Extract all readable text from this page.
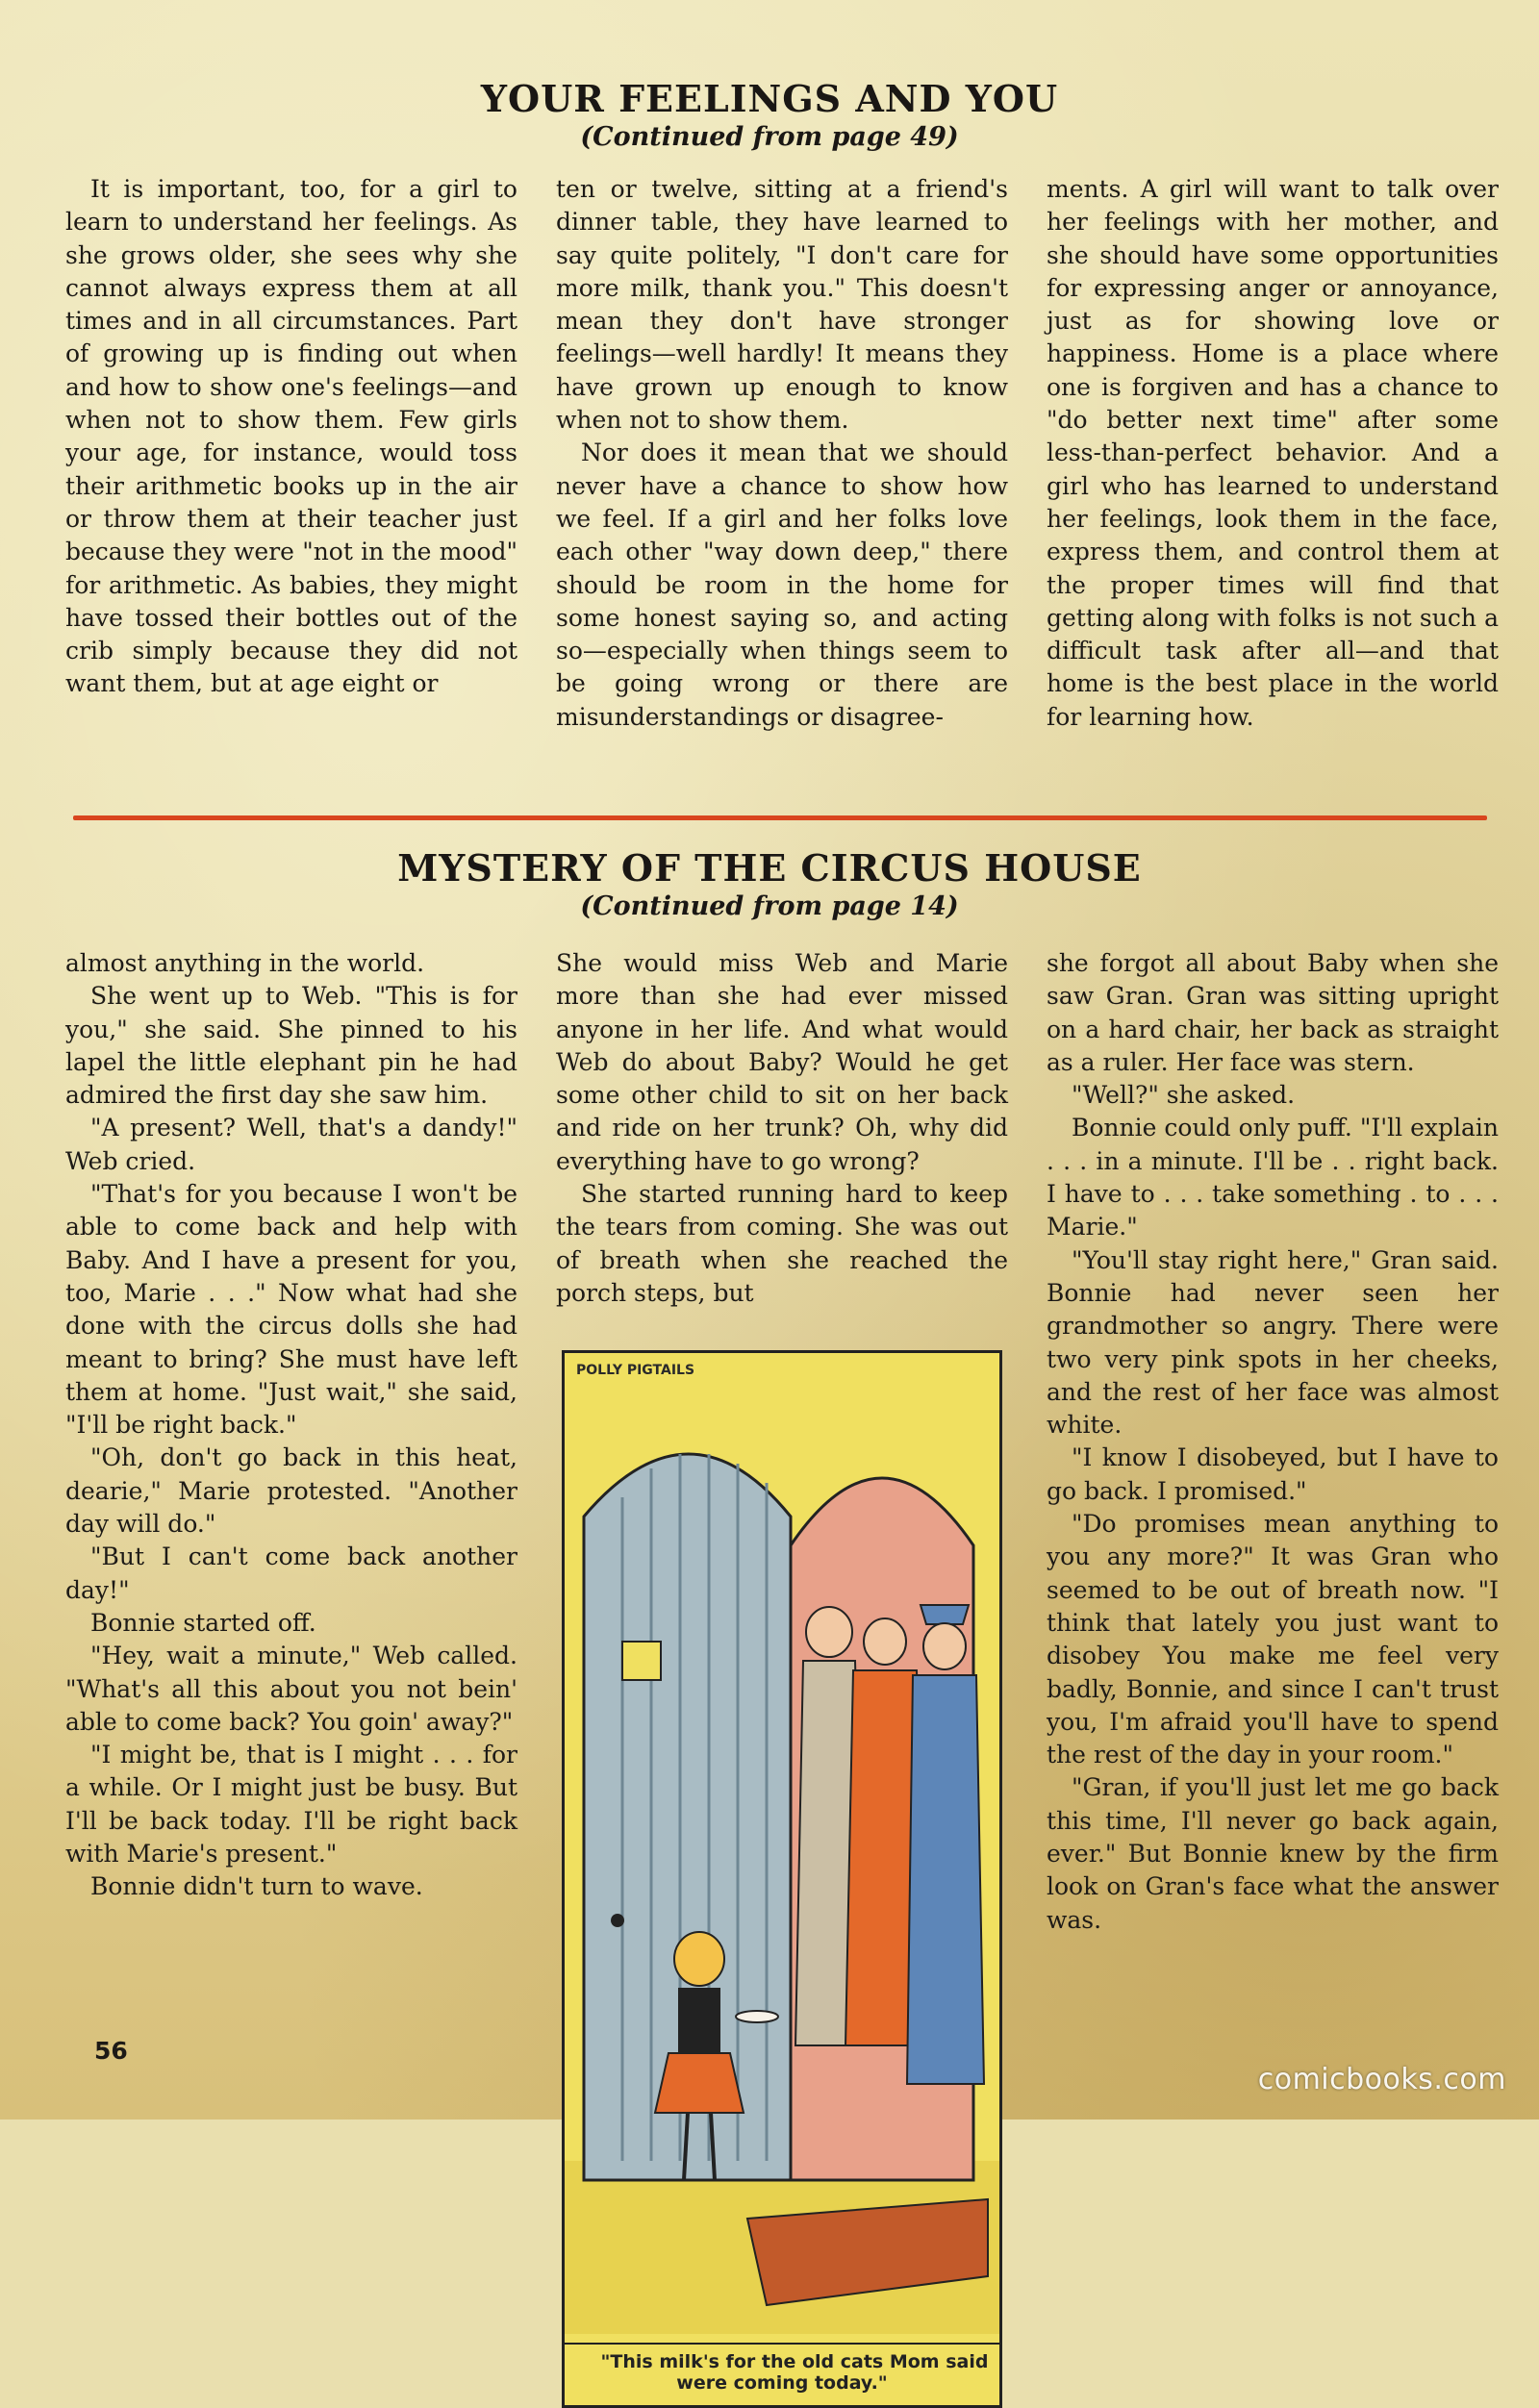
YOUR FEELINGS AND YOU

(Continued from page 49)

It is important, too, for a girl to learn to understand her feelings. As she grows older, she sees why she cannot always express them at all times and in all circumstances. Part of growing up is finding out when and how to show one's feelings—and when not to show them. Few girls your age, for instance, would toss their arithmetic books up in the air or throw them at their teacher just because they were "not in the mood" for arithmetic. As babies, they might have tossed their bottles out of the crib simply because they did not want them, but at age eight or

ten or twelve, sitting at a friend's dinner table, they have learned to say quite politely, "I don't care for more milk, thank you." This doesn't mean they don't have stronger feelings—well hardly! It means they have grown up enough to know when not to show them.

Nor does it mean that we should never have a chance to show how we feel. If a girl and her folks love each other "way down deep," there should be room in the home for some honest saying so, and acting so—especially when things seem to be going wrong or there are misunderstandings or disagree-

ments. A girl will want to talk over her feelings with her mother, and she should have some opportunities for expressing anger or annoyance, just as for showing love or happiness. Home is a place where one is forgiven and has a chance to "do better next time" after some less-than-perfect behavior. And a girl who has learned to understand her feelings, look them in the face, express them, and control them at the proper times will find that getting along with folks is not such a difficult task after all—and that home is the best place in the world for learning how.

MYSTERY OF THE CIRCUS HOUSE

(Continued from page 14)

almost anything in the world.

She went up to Web. "This is for you," she said. She pinned to his lapel the little elephant pin he had admired the first day she saw him.

"A present? Well, that's a dandy!" Web cried.

"That's for you because I won't be able to come back and help with Baby. And I have a present for you, too, Marie . . ." Now what had she done with the circus dolls she had meant to bring? She must have left them at home. "Just wait," she said, "I'll be right back."

"Oh, don't go back in this heat, dearie," Marie protested. "Another day will do."

"But I can't come back another day!"

Bonnie started off.

"Hey, wait a minute," Web called. "What's all this about you not bein' able to come back? You goin' away?"

"I might be, that is I might . . . for a while. Or I might just be busy. But I'll be back today. I'll be right back with Marie's present."

Bonnie didn't turn to wave.

She would miss Web and Marie more than she had ever missed anyone in her life. And what would Web do about Baby? Would he get some other child to sit on her back and ride on her trunk? Oh, why did everything have to go wrong?

She started running hard to keep the tears from coming. She was out of breath when she reached the porch steps, but

POLLY PIGTAILS

"This milk's for the old cats Mom said were coming today."

she forgot all about Baby when she saw Gran. Gran was sitting upright on a hard chair, her back as straight as a ruler. Her face was stern.

"Well?" she asked.

Bonnie could only puff. "I'll explain . . . in a minute. I'll be . . right back. I have to . . . take something . to . . . Marie."

"You'll stay right here," Gran said. Bonnie had never seen her grandmother so angry. There were two very pink spots in her cheeks, and the rest of her face was almost white.

"I know I disobeyed, but I have to go back. I promised."

"Do promises mean anything to you any more?" It was Gran who seemed to be out of breath now. "I think that lately you just want to disobey You make me feel very badly, Bonnie, and since I can't trust you, I'm afraid you'll have to spend the rest of the day in your room."

"Gran, if you'll just let me go back this time, I'll never go back again, ever." But Bonnie knew by the firm look on Gran's face what the answer was.

56
comicbooks.com
